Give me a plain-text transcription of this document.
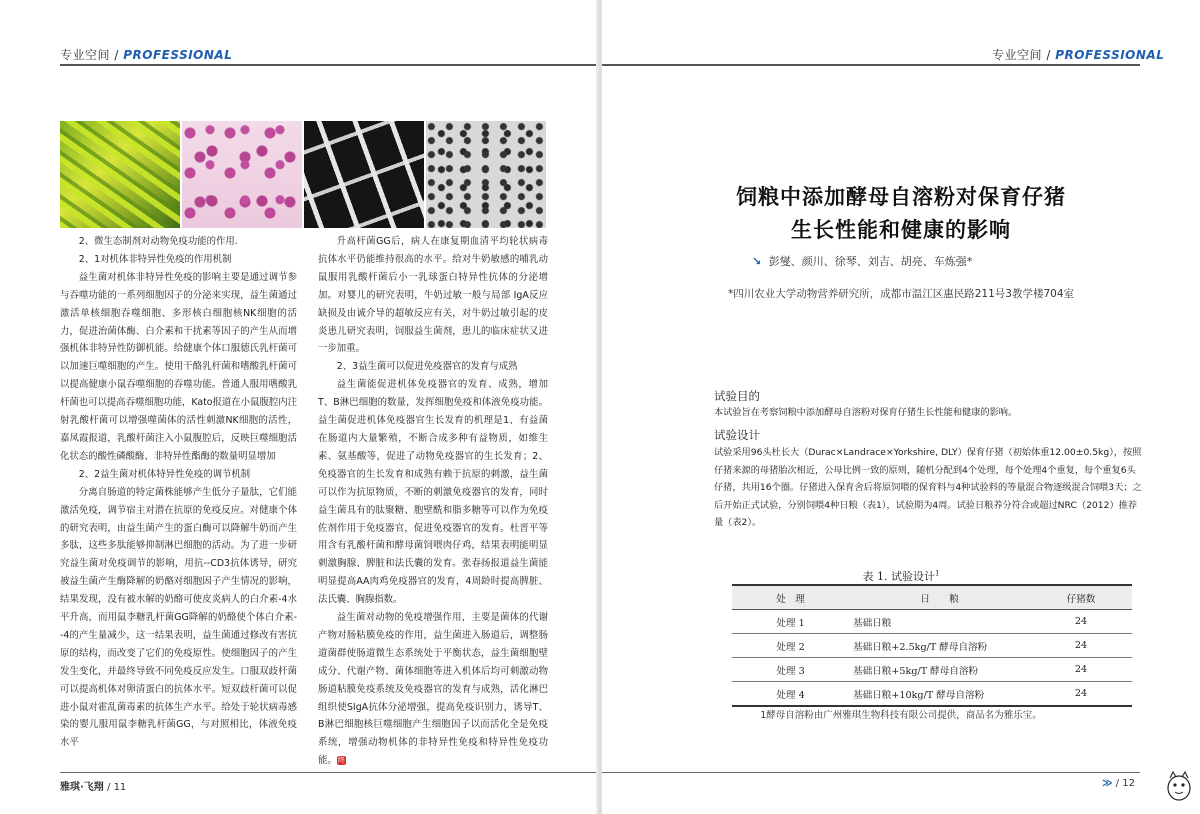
专业空间 / PROFESSIONAL

2、微生态制剂对动物免疫功能的作用.

2、1对机体非特异性免疫的作用机制

益生菌对机体非特异性免疫的影响主要是通过调节参与吞噬功能的一系列细胞因子的分泌来实现，益生菌通过激活单核细胞吞噬细胞、多形核白细胞核NK细胞的活力，促进治菌体酶、白介素和干扰素等因子的产生从而增强机体非特异性防御机能。给健康个体口服德氏乳杆菌可以加速巨噬细胞的产生。使用干酪乳杆菌和嗜酸乳杆菌可以提高健康小鼠吞噬细胞的吞噬功能。普通人服用嗜酸乳杆菌也可以提高吞噬细胞功能，Kato报道在小鼠腹腔内注射乳酸杆菌可以增强噬菌体的活性刺激NK细胞的活性，嘉凤霞报道，乳酸杆菌注入小鼠腹腔后，反映巨噬细胞活化状态的酸性磷酸酶、非特异性酯酶的数量明显增加

2、2益生菌对机体特异性免疫的调节机制

分离自肠道的特定菌株能够产生低分子量肽，它们能激活免疫，调节宿主对潜在抗原的免疫反应。对健康个体的研究表明，由益生菌产生的蛋白酶可以降解牛奶而产生多肽，这些多肽能够抑制淋巴细胞的活动。为了进一步研究益生菌对免疫调节的影响，用抗--CD3抗体诱导，研究被益生菌产生酶降解的奶酪对细胞因子产生情况的影响，结果发现，没有被水解的奶酪可使皮炎病人的白介素-4水平升高，而用鼠李糖乳杆菌GG降解的奶酪使个体白介素--4的产生量减少，这一结果表明，益生菌通过修改有害抗原的结构，而改变了它们的免疫原性。使细胞因子的产生发生变化，并最终导致不同免疫反应发生。口服双歧杆菌可以提高机体对卵清蛋白的抗体水平。短双歧杆菌可以促进小鼠对霍乱菌毒素的抗体生产水平。给处于轮状病毒感染的婴儿服用鼠李糖乳杆菌GG，与对照相比，体液免疫水平

升高杆菌GG后，病人在康复期血清平均轮状病毒抗体水平仍能维持很高的水平。给对牛奶敏感的哺乳动鼠服用乳酸杆菌后小一乳球蛋白特异性抗体的分泌增加。对婴儿的研究表明，牛奶过敏一般与局部 IgA反应缺损及由诚介导的超敏反应有关，对牛奶过敏引起的皮炎患儿研究表明，饲服益生菌剂，患儿的临床症状又进一步加重。

2、3益生菌可以促进免疫器官的发育与成熟

益生菌能促进机体免疫器官的发育、成熟，增加T、B淋巴细胞的数量，发挥细胞免疫和体液免疫功能。益生菌促进机体免疫器官生长发育的机理是1、有益菌在肠道内大量繁殖，不断合成多种有益物质，如维生素、氨基酸等，促进了动物免疫器官的生长发育；2、免疫器官的生长发育和成熟有赖于抗原的刺激，益生菌可以作为抗原物质，不断的刺激免疫器官的发育，同时益生菌具有的肽聚糖、胞壁酰和脂多糖等可以作为免疫佐剂作用于免疫器官，促进免疫器官的发育。杜晋平等用含有乳酸杆菌和酵母菌饲喂肉仔鸡，结果表明能明显刺激胸腺、脾脏和法氏囊的发育。张春扬报道益生菌能明显提高AA肉鸡免疫器官的发育，4周龄时提高脾脏、法氏囊、胸腺指数。

益生菌对动物的免疫增强作用，主要是菌体的代谢产物对肠粘膜免疫的作用，益生菌进入肠道后，调整肠道菌群使肠道微生态系统处于平衡状态，益生菌细胞壁成分、代谢产物、菌体细胞等进入机体后均可刺激动物肠道粘膜免疫系统及免疫器官的发育与成熟，活化淋巴组织使SIgA抗体分泌增强，提高免疫识别力，诱导T、B淋巴细胞核巨噬细胞产生细胞因子以而活化全是免疫系统，增强动物机体的非特异性免疫和特异性免疫功能。终

雅琪·飞翔 / 11
专业空间 / PROFESSIONAL
饲粮中添加酵母自溶粉对保育仔猪
生长性能和健康的影响
↘ 彭燮、颜川、徐琴、刘吉、胡亮、车炼强*
*四川农业大学动物营养研究所，成都市温江区惠民路211号3教学楼704室
试验目的
本试验旨在考察饲粮中添加酵母自溶粉对保育仔猪生长性能和健康的影响。
试验设计
试验采用96头杜长大（Durac×Landrace×Yorkshire, DLY）保育仔猪（初始体重12.00±0.5kg），按照仔猪来源的母猪胎次相近，公母比例一致的原则，随机分配到4个处理，每个处理4个重复，每个重复6头仔猪，共用16个圈。仔猪进入保育舍后将原饲喂的保育料与4种试验料的等量混合物逐级混合饲喂3天；之后开始正式试验，分别饲喂4种日粮（表1），试验期为4周。试验日粮养分符合或超过NRC（2012）推荐量（表2）。
表 1. 试验设计$^1$
处　理	日　　粮	仔猪数
处理 1	基础日粮	24
处理 2	基础日粮+2.5kg/T 酵母自溶粉	24
处理 3	基础日粮+5kg/T 酵母自溶粉	24
处理 4	基础日粮+10kg/T 酵母自溶粉	24
1酵母自溶粉由广州雅琪生物科技有限公司提供，商品名为雅乐宝。
≫ / 12
